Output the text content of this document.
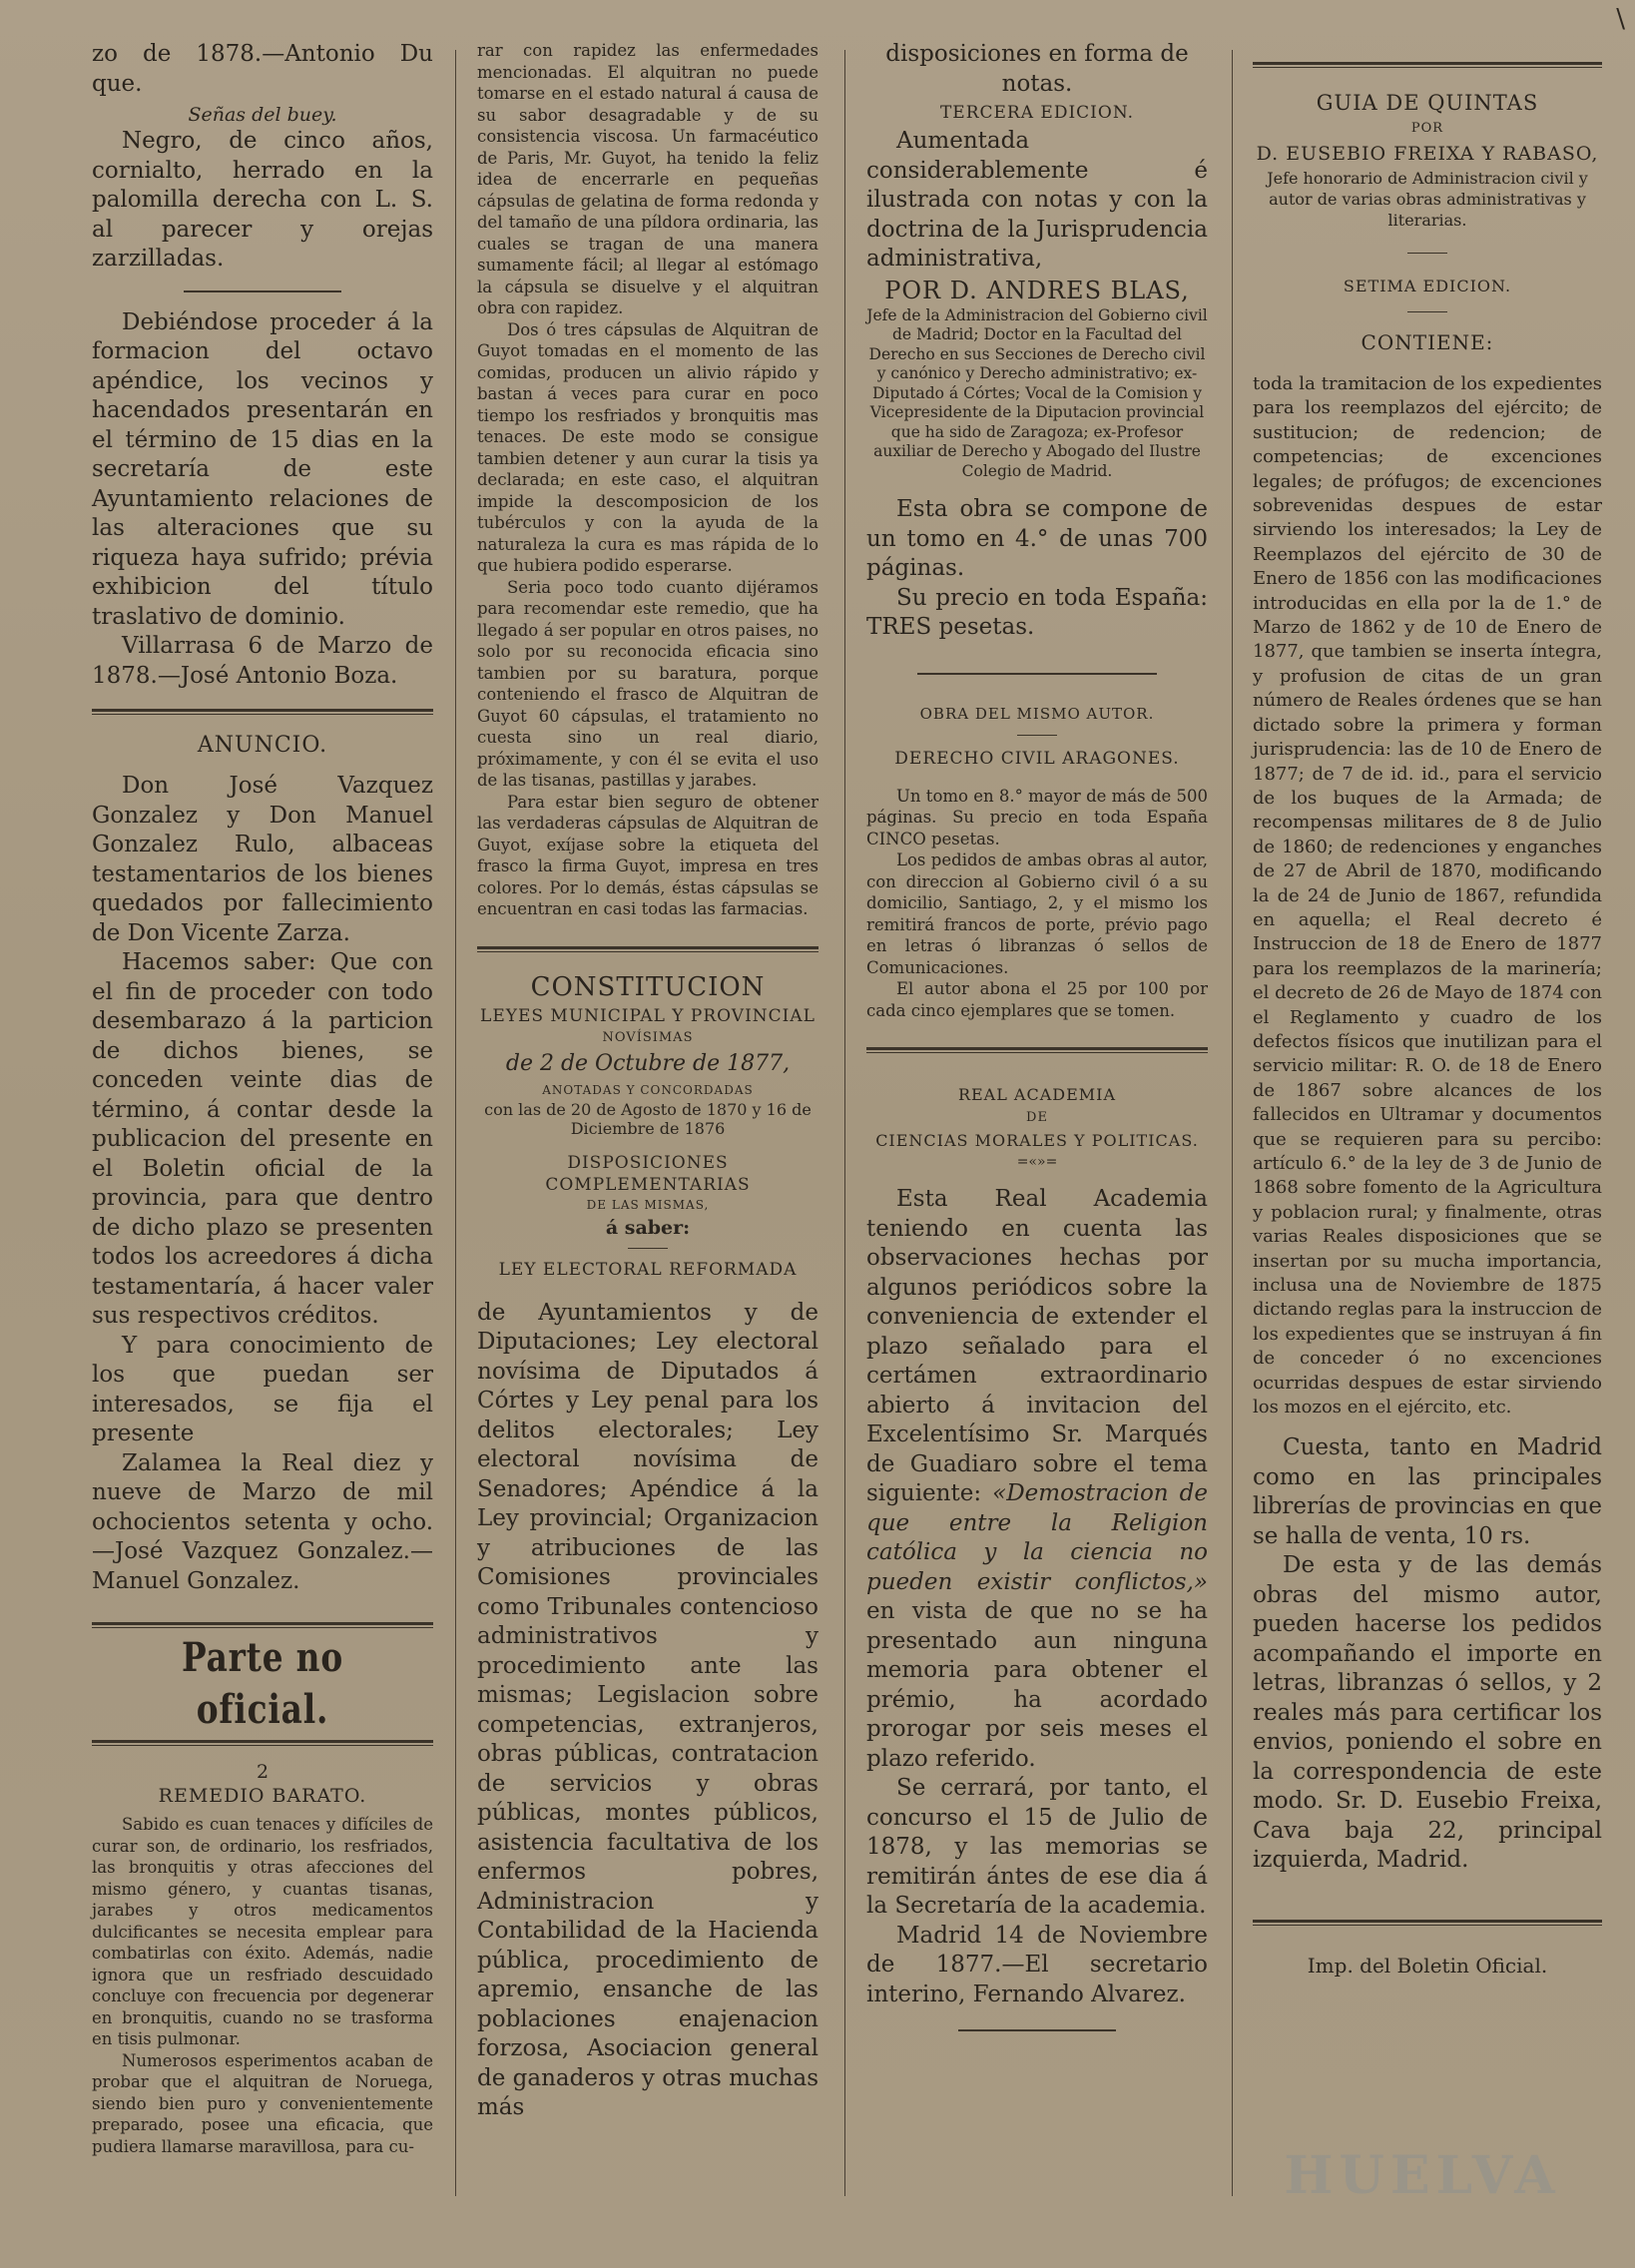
\

zo de 1878.—Antonio Du que.

Señas del buey.

Negro, de cinco años, cornialto, herrado en la palomilla derecha con L. S. al parecer y orejas zarzilladas.

Debiéndose proceder á la formacion del octavo apéndice, los vecinos y hacendados presentarán en el término de 15 dias en la secretaría de este Ayuntamiento relaciones de las alteraciones que su riqueza haya sufrido; prévia exhibicion del título traslativo de dominio.

Villarrasa 6 de Marzo de 1878.—José Antonio Boza.

ANUNCIO.

Don José Vazquez Gonzalez y Don Manuel Gonzalez Rulo, albaceas testamentarios de los bienes quedados por fallecimiento de Don Vicente Zarza.

Hacemos saber: Que con el fin de proceder con todo desembarazo á la particion de dichos bienes, se conceden veinte dias de término, á contar desde la publicacion del presente en el Boletin oficial de la provincia, para que dentro de dicho plazo se presenten todos los acreedores á dicha testamentaría, á hacer valer sus respectivos créditos.

Y para conocimiento de los que puedan ser interesados, se fija el presente

Zalamea la Real diez y nueve de Marzo de mil ochocientos setenta y ocho.—José Vazquez Gonzalez.—Manuel Gonzalez.

Parte no oficial.

2

REMEDIO BARATO.

Sabido es cuan tenaces y difíciles de curar son, de ordinario, los resfriados, las bronquitis y otras afecciones del mismo género, y cuantas tisanas, jarabes y otros medicamentos dulcificantes se necesita emplear para combatirlas con éxito. Además, nadie ignora que un resfriado descuidado concluye con frecuencia por degenerar en bronquitis, cuando no se trasforma en tisis pulmonar.

Numerosos esperimentos acaban de probar que el alquitran de Noruega, siendo bien puro y convenientemente preparado, posee una eficacia, que pudiera llamarse maravillosa, para cu-

rar con rapidez las enfermedades mencionadas. El alquitran no puede tomarse en el estado natural á causa de su sabor desagradable y de su consistencia viscosa. Un farmacéutico de Paris, Mr. Guyot, ha tenido la feliz idea de encerrarle en pequeñas cápsulas de gelatina de forma redonda y del tamaño de una píldora ordinaria, las cuales se tragan de una manera sumamente fácil; al llegar al estómago la cápsula se disuelve y el alquitran obra con rapidez.

Dos ó tres cápsulas de Alquitran de Guyot tomadas en el momento de las comidas, producen un alivio rápido y bastan á veces para curar en poco tiempo los resfriados y bronquitis mas tenaces. De este modo se consigue tambien detener y aun curar la tisis ya declarada; en este caso, el alquitran impide la descomposicion de los tubérculos y con la ayuda de la naturaleza la cura es mas rápida de lo que hubiera podido esperarse.

Seria poco todo cuanto dijéramos para recomendar este remedio, que ha llegado á ser popular en otros paises, no solo por su reconocida eficacia sino tambien por su baratura, porque conteniendo el frasco de Alquitran de Guyot 60 cápsulas, el tratamiento no cuesta sino un real diario, próximamente, y con él se evita el uso de las tisanas, pastillas y jarabes.

Para estar bien seguro de obtener las verdaderas cápsulas de Alquitran de Guyot, exíjase sobre la etiqueta del frasco la firma Guyot, impresa en tres colores. Por lo demás, éstas cápsulas se encuentran en casi todas las farmacias.

CONSTITUCION

LEYES MUNICIPAL Y PROVINCIAL

NOVÍSIMAS

de 2 de Octubre de 1877,

ANOTADAS Y CONCORDADAS

con las de 20 de Agosto de 1870 y 16 de Diciembre de 1876

DISPOSICIONES COMPLEMENTARIAS

DE LAS MISMAS,

á saber:

LEY ELECTORAL REFORMADA

de Ayuntamientos y de Diputaciones; Ley electoral novísima de Diputados á Córtes y Ley penal para los delitos electorales; Ley electoral novísima de Senadores; Apéndice á la Ley provincial; Organizacion y atribuciones de las Comisiones provinciales como Tribunales contencioso administrativos y procedimiento ante las mismas; Legislacion sobre competencias, extranjeros, obras públicas, contratacion de servicios y obras públicas, montes públicos, asistencia facultativa de los enfermos pobres, Administracion y Contabilidad de la Hacienda pública, procedimiento de apremio, ensanche de las poblaciones enajenacion forzosa, Asociacion general de ganaderos y otras muchas más

disposiciones en forma de notas.

TERCERA EDICION.

Aumentada considerablemente é ilustrada con notas y con la doctrina de la Jurisprudencia administrativa,

POR D. ANDRES BLAS,

Jefe de la Administracion del Gobierno civil de Madrid; Doctor en la Facultad del Derecho en sus Secciones de Derecho civil y canónico y Derecho administrativo; ex-Diputado á Córtes; Vocal de la Comision y Vicepresidente de la Diputacion provincial que ha sido de Zaragoza; ex-Profesor auxiliar de Derecho y Abogado del Ilustre Colegio de Madrid.

Esta obra se compone de un tomo en 4.° de unas 700 páginas.

Su precio en toda España: TRES pesetas.

OBRA DEL MISMO AUTOR.

DERECHO CIVIL ARAGONES.

Un tomo en 8.° mayor de más de 500 páginas. Su precio en toda España CINCO pesetas.

Los pedidos de ambas obras al autor, con direccion al Gobierno civil ó a su domicilio, Santiago, 2, y el mismo los remitirá francos de porte, prévio pago en letras ó libranzas ó sellos de Comunicaciones.

El autor abona el 25 por 100 por cada cinco ejemplares que se tomen.

REAL ACADEMIA

DE

CIENCIAS MORALES Y POLITICAS.

=«»=

Esta Real Academia teniendo en cuenta las observaciones hechas por algunos periódicos sobre la conveniencia de extender el plazo señalado para el certámen extraordinario abierto á invitacion del Excelentísimo Sr. Marqués de Guadiaro sobre el tema siguiente: «Demostracion de que entre la Religion católica y la ciencia no pueden existir conflictos,» en vista de que no se ha presentado aun ninguna memoria para obtener el prémio, ha acordado prorogar por seis meses el plazo referido.

Se cerrará, por tanto, el concurso el 15 de Julio de 1878, y las memorias se remitirán ántes de ese dia á la Secretaría de la academia.

Madrid 14 de Noviembre de 1877.—El secretario interino, Fernando Alvarez.

GUIA DE QUINTAS

POR

D. EUSEBIO FREIXA Y RABASO,

Jefe honorario de Administracion civil y autor de varias obras administrativas y literarias.

SETIMA EDICION.

CONTIENE:

toda la tramitacion de los expedientes para los reemplazos del ejército; de sustitucion; de redencion; de competencias; de excenciones legales; de prófugos; de excenciones sobrevenidas despues de estar sirviendo los interesados; la Ley de Reemplazos del ejército de 30 de Enero de 1856 con las modificaciones introducidas en ella por la de 1.° de Marzo de 1862 y de 10 de Enero de 1877, que tambien se inserta íntegra, y profusion de citas de un gran número de Reales órdenes que se han dictado sobre la primera y forman jurisprudencia: las de 10 de Enero de 1877; de 7 de id. id., para el servicio de los buques de la Armada; de recompensas militares de 8 de Julio de 1860; de redenciones y enganches de 27 de Abril de 1870, modificando la de 24 de Junio de 1867, refundida en aquella; el Real decreto é Instruccion de 18 de Enero de 1877 para los reemplazos de la marinería; el decreto de 26 de Mayo de 1874 con el Reglamento y cuadro de los defectos físicos que inutilizan para el servicio militar: R. O. de 18 de Enero de 1867 sobre alcances de los fallecidos en Ultramar y documentos que se requieren para su percibo: artículo 6.° de la ley de 3 de Junio de 1868 sobre fomento de la Agricultura y poblacion rural; y finalmente, otras varias Reales disposiciones que se insertan por su mucha importancia, inclusa una de Noviembre de 1875 dictando reglas para la instruccion de los expedientes que se instruyan á fin de conceder ó no excenciones ocurridas despues de estar sirviendo los mozos en el ejército, etc.

Cuesta, tanto en Madrid como en las principales librerías de provincias en que se halla de venta, 10 rs.

De esta y de las demás obras del mismo autor, pueden hacerse los pedidos acompañando el importe en letras, libranzas ó sellos, y 2 reales más para certificar los envios, poniendo el sobre en la correspondencia de este modo. Sr. D. Eusebio Freixa, Cava baja 22, principal izquierda, Madrid.

Imp. del Boletin Oficial.

HUELVA
